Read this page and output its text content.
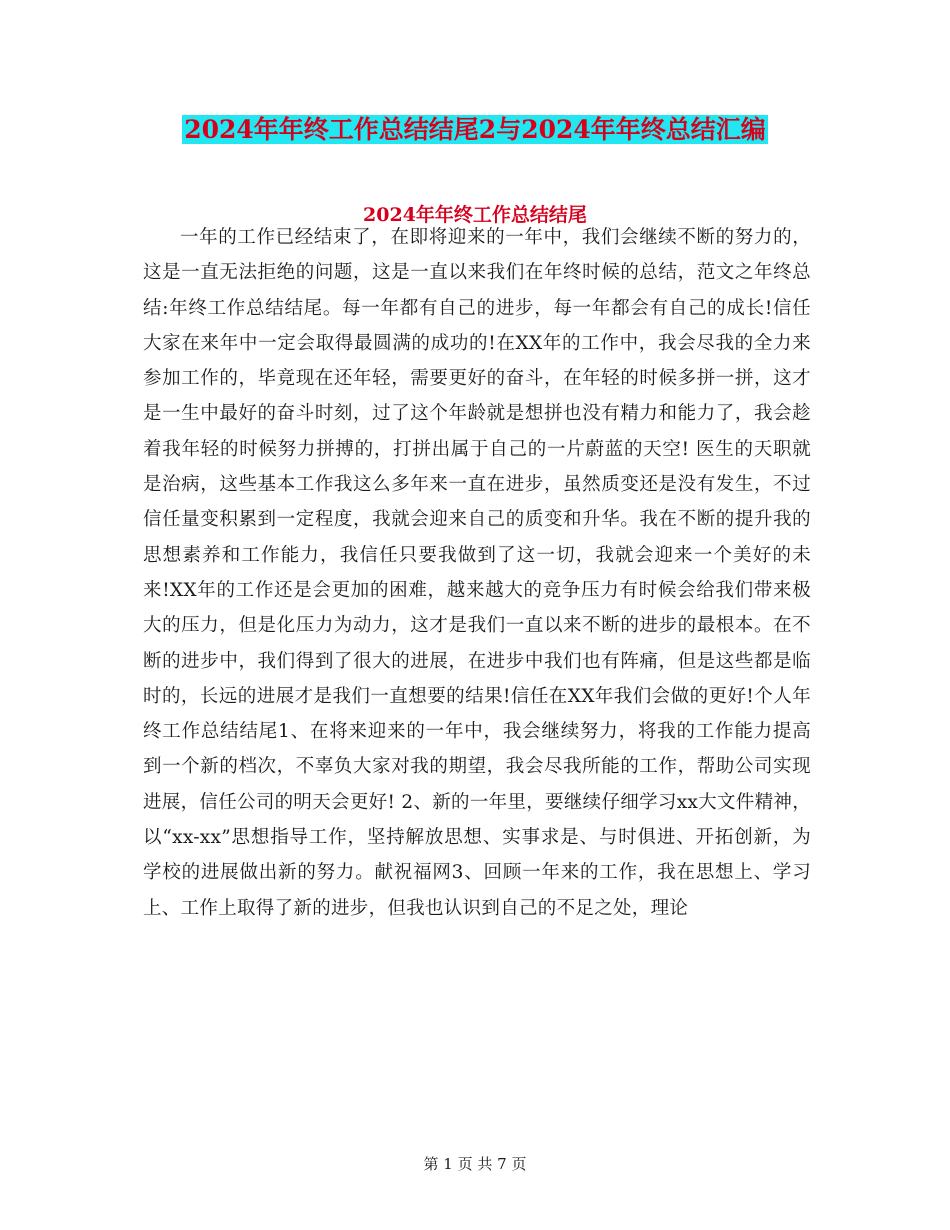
2024年年终工作总结结尾2与2024年年终总结汇编
2024年年终工作总结结尾

一年的工作已经结束了，在即将迎来的一年中，我们会继续不断的努力的，这是一直无法拒绝的问题，这是一直以来我们在年终时候的总结，范文之年终总结:年终工作总结结尾。每一年都有自己的进步，每一年都会有自己的成长!信任大家在来年中一定会取得最圆满的成功的!在XX年的工作中，我会尽我的全力来参加工作的，毕竟现在还年轻，需要更好的奋斗，在年轻的时候多拼一拼，这才是一生中最好的奋斗时刻，过了这个年龄就是想拼也没有精力和能力了，我会趁着我年轻的时候努力拼搏的，打拼出属于自己的一片蔚蓝的天空! 医生的天职就是治病，这些基本工作我这么多年来一直在进步，虽然质变还是没有发生，不过信任量变积累到一定程度，我就会迎来自己的质变和升华。我在不断的提升我的思想素养和工作能力，我信任只要我做到了这一切，我就会迎来一个美好的未来!XX年的工作还是会更加的困难，越来越大的竞争压力有时候会给我们带来极大的压力，但是化压力为动力，这才是我们一直以来不断的进步的最根本。在不断的进步中，我们得到了很大的进展，在进步中我们也有阵痛，但是这些都是临时的，长远的进展才是我们一直想要的结果!信任在XX年我们会做的更好!个人年终工作总结结尾1、在将来迎来的一年中，我会继续努力，将我的工作能力提高到一个新的档次，不辜负大家对我的期望，我会尽我所能的工作，帮助公司实现进展，信任公司的明天会更好! 2、新的一年里，要继续仔细学习xx大文件精神，以“xx-xx”思想指导工作，坚持解放思想、实事求是、与时俱进、开拓创新，为学校的进展做出新的努力。献祝福网3、回顾一年来的工作，我在思想上、学习上、工作上取得了新的进步，但我也认识到自己的不足之处，理论

第 1 页 共 7 页
